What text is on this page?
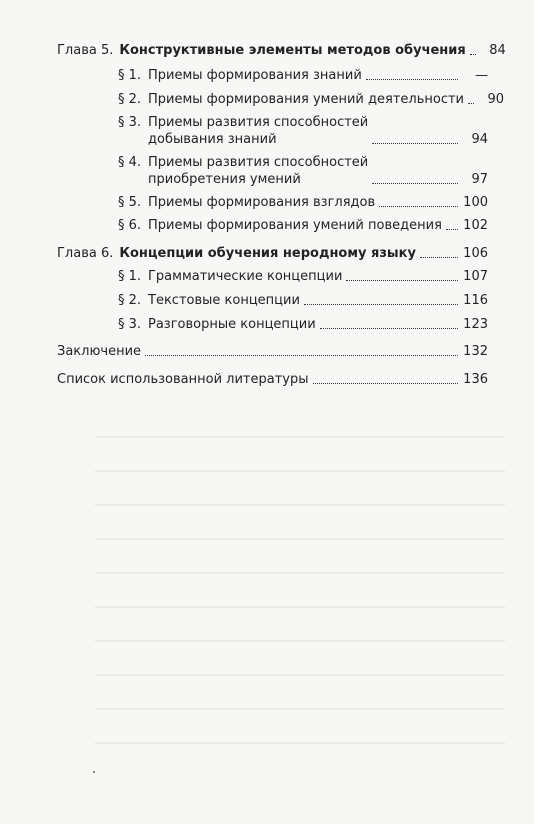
Глава 5. Конструктивные элементы методов обучения	84
§ 1. Приемы формирования знаний	—
§ 2. Приемы формирования умений деятельности	90
§ 3. Приемы развития способностей
добывания знаний	94
§ 4. Приемы развития способностей
приобретения умений	97
§ 5. Приемы формирования взглядов	100
§ 6. Приемы формирования умений поведения 102
Глава 6. Концепции обучения неродному языку	106
§ 1. Грамматические концепции	107
§ 2. Текстовые концепции	116
§ 3. Разговорные концепции	123
Заключение	132
Список использованной литературы	136
